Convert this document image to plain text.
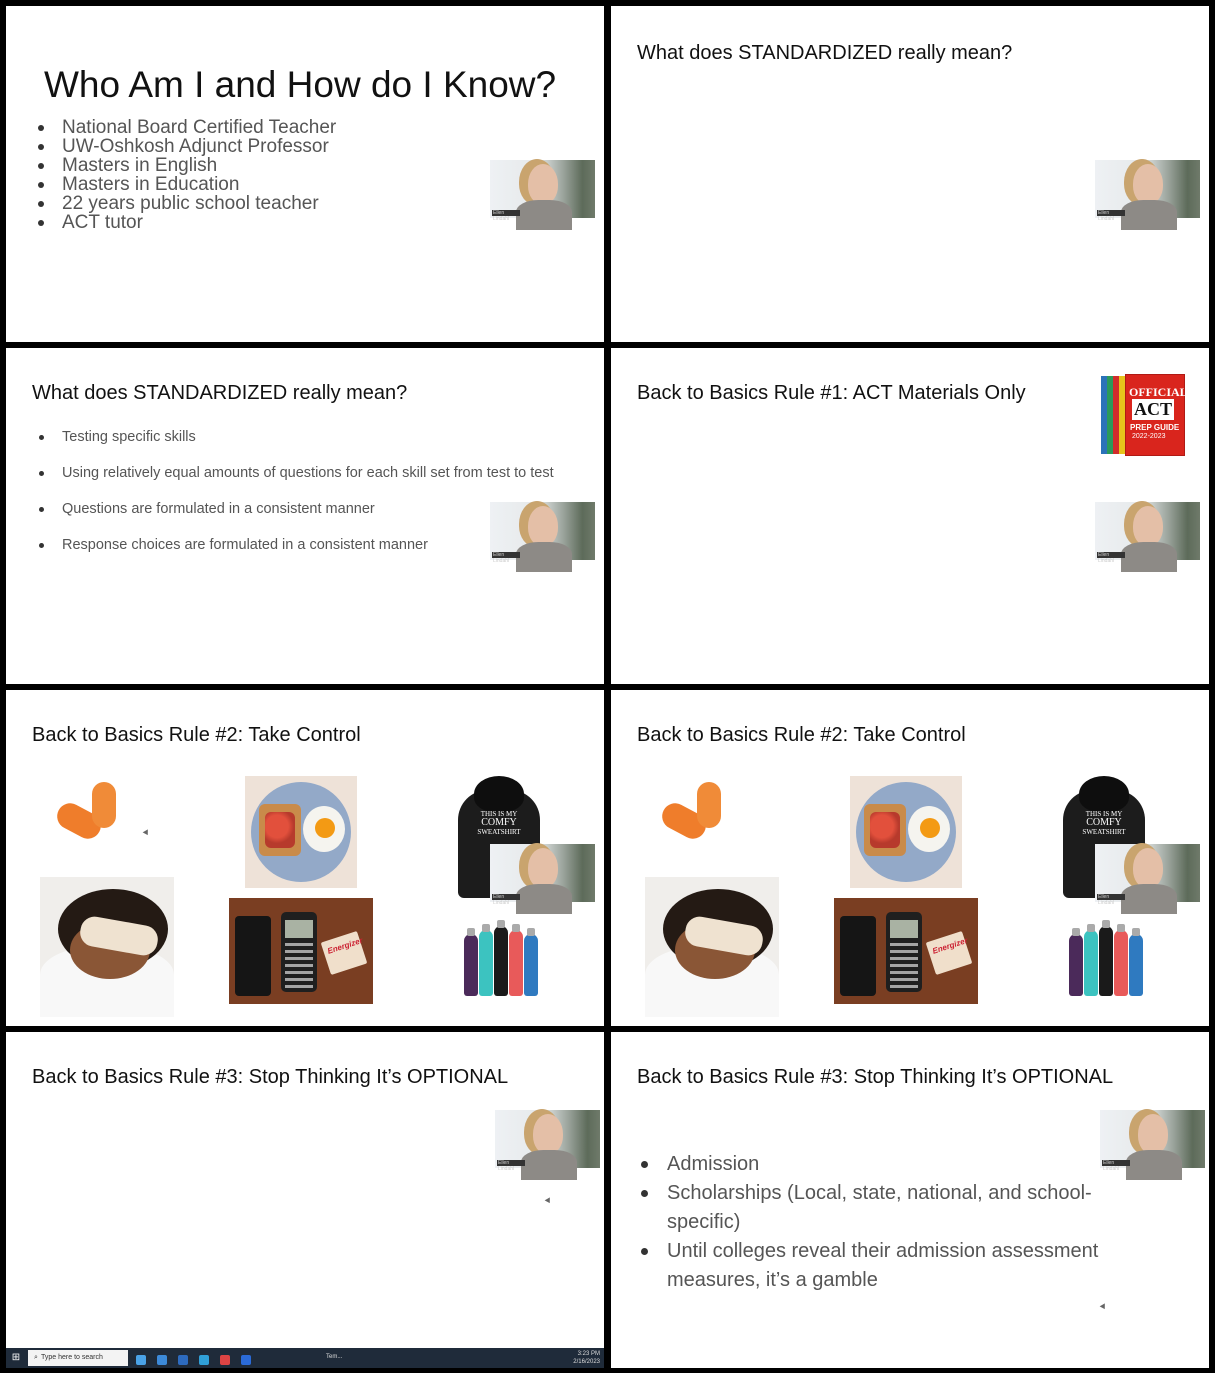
Who Am I and How do I Know?
National Board Certified Teacher
UW-Oshkosh Adjunct Professor
Masters in English
Masters in Education
22 years public school teacher
ACT tutor	Ellen Lindahl
What does STANDARDIZED really mean?
Ellen Lindahl
What does STANDARDIZED really mean?
Testing specific skills
Using relatively equal amounts of questions for each skill set from test to test
Questions are formulated in a consistent manner
Response choices are formulated in a consistent manner
Ellen Lindahl
Back to Basics Rule #1: ACT Materials Only	OFFICIAL
ACT
PREP GUIDE
2022-2023
Ellen Lindahl
Back to Basics Rule #2: Take Control
THIS IS MY
COMFY
SWEATSHIRT
Energizer
Ellen Lindahl
Back to Basics Rule #2: Take Control
THIS IS MY
COMFY
SWEATSHIRT
Energizer
Ellen Lindahl
Back to Basics Rule #3: Stop Thinking It’s OPTIONAL
Ellen Lindahl
⊞	⌕ Type here to search	Tem...	3:23 PM
2/16/2023
Back to Basics Rule #3: Stop Thinking It’s OPTIONAL
Admission
Scholarships (Local, state, national, and school-specific)
Until colleges reveal their admission assessment measures, it’s a gamble
Ellen Lindahl
